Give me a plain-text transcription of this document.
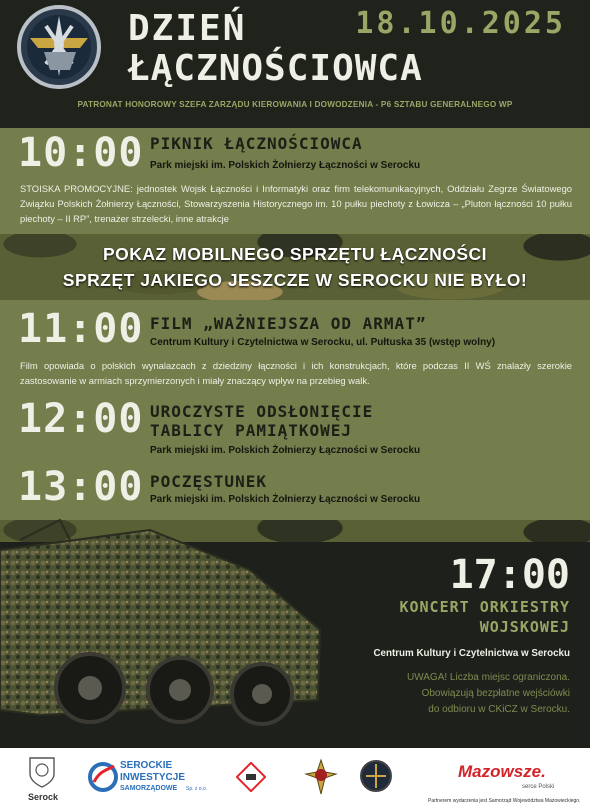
DZIEŃ
ŁĄCZNOŚCIOWCA
18.10.2025
PATRONAT HONOROWY SZEFA ZARZĄDU KIEROWANIA I DOWODZENIA - P6 SZTABU GENERALNEGO WP
10:00 PIKNIK ŁĄCZNOŚCIOWCA
Park miejski im. Polskich Żołnierzy Łączności w Serocku
STOISKA PROMOCYJNE: jednostek Wojsk Łączności i Informatyki oraz firm telekomunikacyjnych, Oddziału Zegrze Światowego Związku Polskich Żołnierzy Łączności, Stowarzyszenia Historycznego im. 10 pułku piechoty z Łowicza – „Pluton łączności 10 pułku piechoty – II RP”, trenażer strzelecki, inne atrakcje
POKAZ MOBILNEGO SPRZĘTU ŁĄCZNOŚCI
SPRZĘT JAKIEGO JESZCZE W SEROCKU NIE BYŁO!
11:00 FILM „WAŻNIEJSZA OD ARMAT”
Centrum Kultury i Czytelnictwa w Serocku, ul. Pułtuska 35 (wstęp wolny)
Film opowiada o polskich wynalazcach z dziedziny łączności i ich konstrukcjach, które podczas II WŚ znalazły szerokie zastosowanie w armiach sprzymierzonych i miały znaczący wpływ na przebieg walk.
12:00 UROCZYSTE ODSŁONIĘCIE
TABLICY PAMIĄTKOWEJ
Park miejski im. Polskich Żołnierzy Łączności w Serocku
13:00 POCZĘSTUNEK
Park miejski im. Polskich Żołnierzy Łączności w Serocku
17:00
KONCERT ORKIESTRY
WOJSKOWEJ
Centrum Kultury i Czytelnictwa w Serocku
UWAGA! Liczba miejsc ograniczona.
Obowiązują bezpłatne wejściówki
do odbioru w CKiCZ w Serocku.
Serock
SEROCKIE
INWESTYCJE
SAMORZĄDOWE Sp. z o.o.
Mazowsze.
serce Polski
Partnerem wydarzenia jest Samorząd Województwa Mazowieckiego.
